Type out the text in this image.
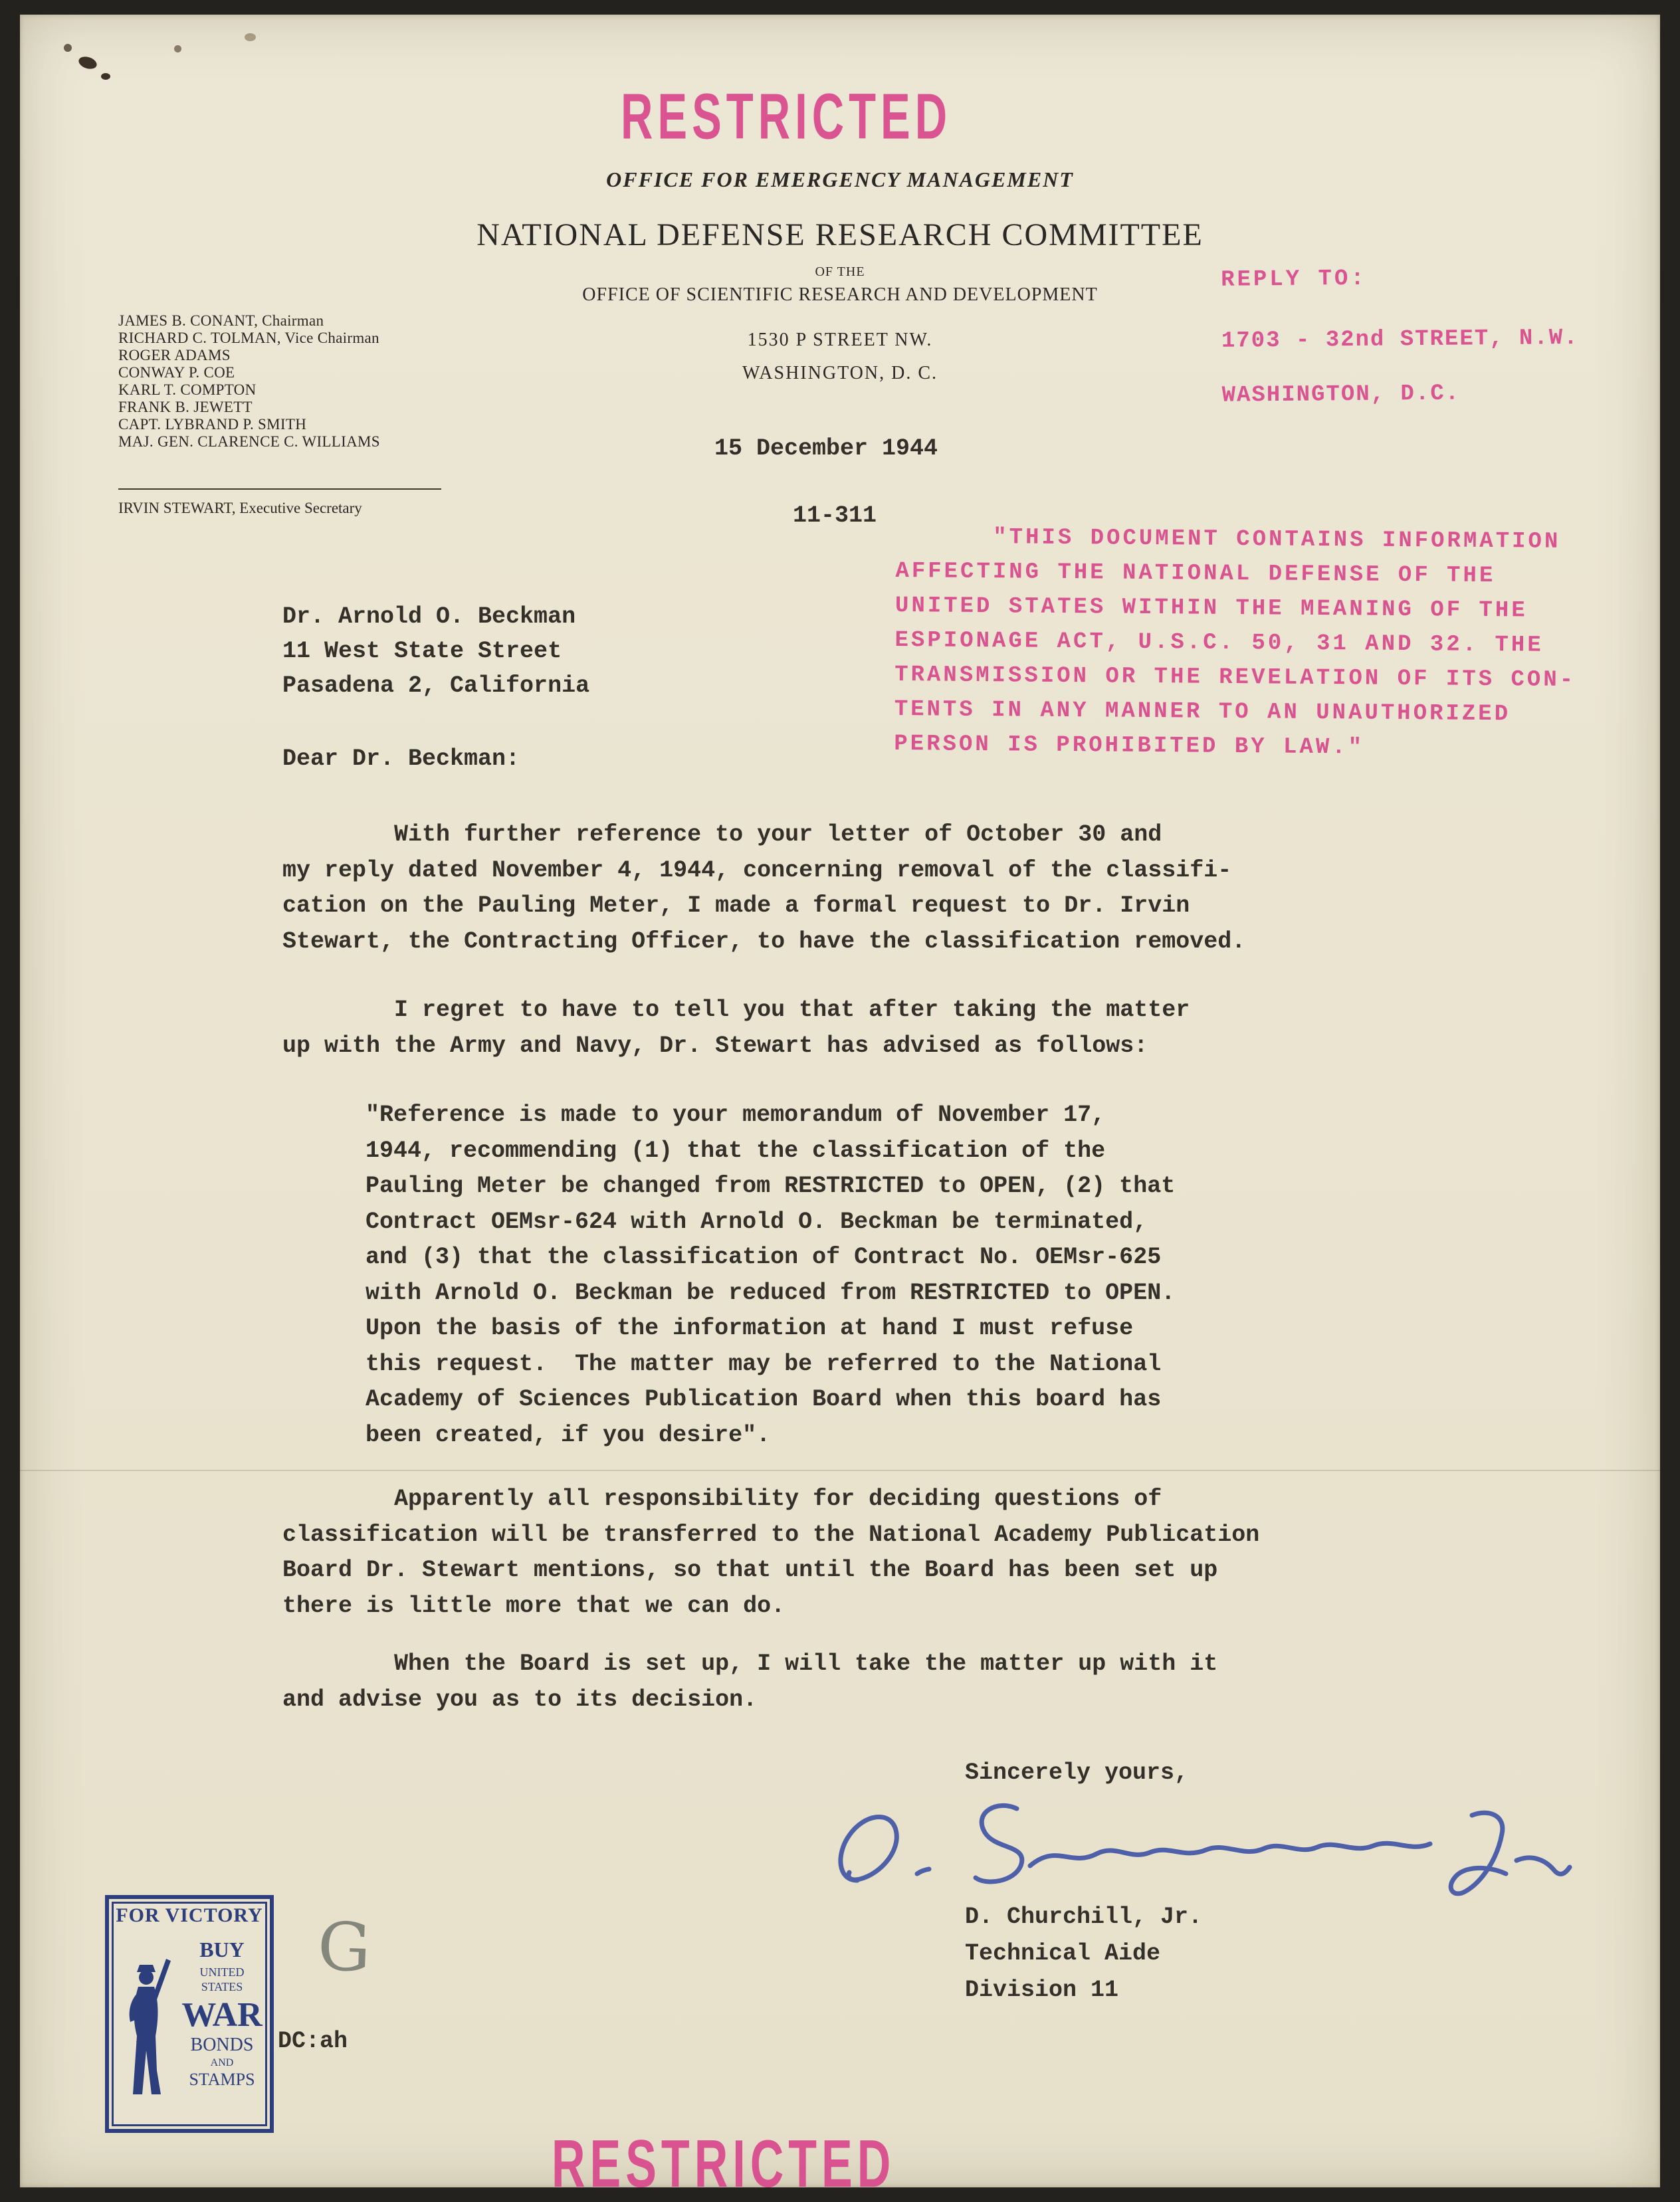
RESTRICTED
OFFICE FOR EMERGENCY MANAGEMENT
NATIONAL DEFENSE RESEARCH COMMITTEE
OF THE
OFFICE OF SCIENTIFIC RESEARCH AND DEVELOPMENT
1530 P STREET NW.
WASHINGTON, D. C.
JAMES B. CONANT, Chairman
RICHARD C. TOLMAN, Vice Chairman
ROGER ADAMS
CONWAY P. COE
KARL T. COMPTON
FRANK B. JEWETT
CAPT. LYBRAND P. SMITH
MAJ. GEN. CLARENCE C. WILLIAMS
IRVIN STEWART, Executive Secretary
REPLY TO:
1703 - 32nd STREET, N.W.
WASHINGTON, D.C.
15 December 1944
11-311
"THIS DOCUMENT CONTAINS INFORMATION
AFFECTING THE NATIONAL DEFENSE OF THE
UNITED STATES WITHIN THE MEANING OF THE
ESPIONAGE ACT, U.S.C. 50, 31 AND 32. THE
TRANSMISSION OR THE REVELATION OF ITS CON-
TENTS IN ANY MANNER TO AN UNAUTHORIZED
PERSON IS PROHIBITED BY LAW."
Dr. Arnold O. Beckman
11 West State Street
Pasadena 2, California
Dear Dr. Beckman:
With further reference to your letter of October 30 and
my reply dated November 4, 1944, concerning removal of the classifi-
cation on the Pauling Meter, I made a formal request to Dr. Irvin
Stewart, the Contracting Officer, to have the classification removed.
I regret to have to tell you that after taking the matter
up with the Army and Navy, Dr. Stewart has advised as follows:
"Reference is made to your memorandum of November 17,
1944, recommending (1) that the classification of the
Pauling Meter be changed from RESTRICTED to OPEN, (2) that
Contract OEMsr-624 with Arnold O. Beckman be terminated,
and (3) that the classification of Contract No. OEMsr-625
with Arnold O. Beckman be reduced from RESTRICTED to OPEN.
Upon the basis of the information at hand I must refuse
this request.  The matter may be referred to the National
Academy of Sciences Publication Board when this board has
been created, if you desire".
Apparently all responsibility for deciding questions of
classification will be transferred to the National Academy Publication
Board Dr. Stewart mentions, so that until the Board has been set up
there is little more that we can do.
When the Board is set up, I will take the matter up with it
and advise you as to its decision.
Sincerely yours,
D. Churchill, Jr.
Technical Aide
Division 11
FOR VICTORY
BUY
UNITED
STATES
WAR
BONDS
AND
STAMPS
G
DC:ah
RESTRICTED
